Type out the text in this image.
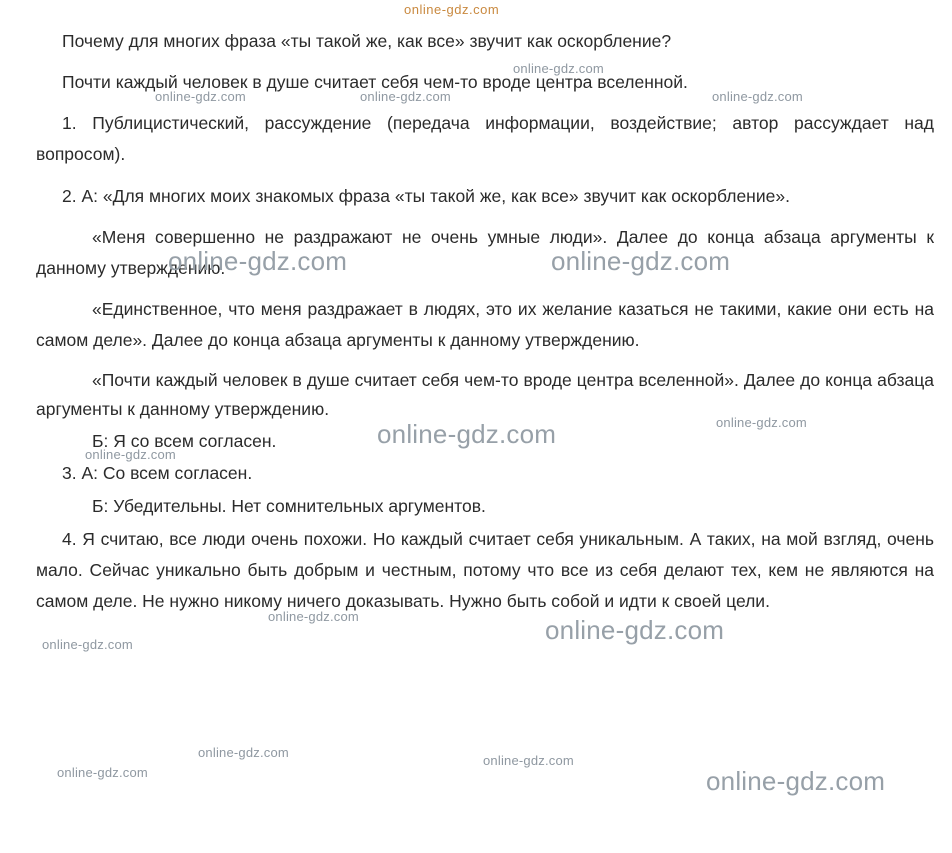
Почему для многих фраза «ты такой же, как все» звучит как оскорбление?

Почти каждый человек в душе считает себя чем-то вроде центра вселенной.

1. Публицистический, рассуждение (передача информации, воздействие; автор рассуждает над вопросом).

2. А: «Для многих моих знакомых фраза «ты такой же, как все» звучит как оскорбление».

«Меня совершенно не раздражают не очень умные люди». Далее до конца абзаца аргументы к данному утверждению.

«Единственное, что меня раздражает в людях, это их желание казаться не такими, какие они есть на самом деле». Далее до конца абзаца аргументы к данному утверждению.

«Почти каждый человек в душе считает себя чем-то вроде центра вселенной». Далее до конца абзаца аргументы к данному утверждению.

Б: Я со всем согласен.

3. А: Со всем согласен.

Б: Убедительны. Нет сомнительных аргументов.

4. Я считаю, все люди очень похожи. Но каждый считает себя уникальным. А таких, на мой взгляд, очень мало. Сейчас уникально быть добрым и честным, потому что все из себя делают тех, кем не являются на самом деле. Не нужно никому ничего доказывать. Нужно быть собой и идти к своей цели.

online-gdz.com
online-gdz.com
online-gdz.com	online-gdz.com	online-gdz.com
online-gdz.com	online-gdz.com
online-gdz.com	online-gdz.com
online-gdz.com
online-gdz.com
online-gdz.com
online-gdz.com
online-gdz.com
online-gdz.com
online-gdz.com
online-gdz.com
